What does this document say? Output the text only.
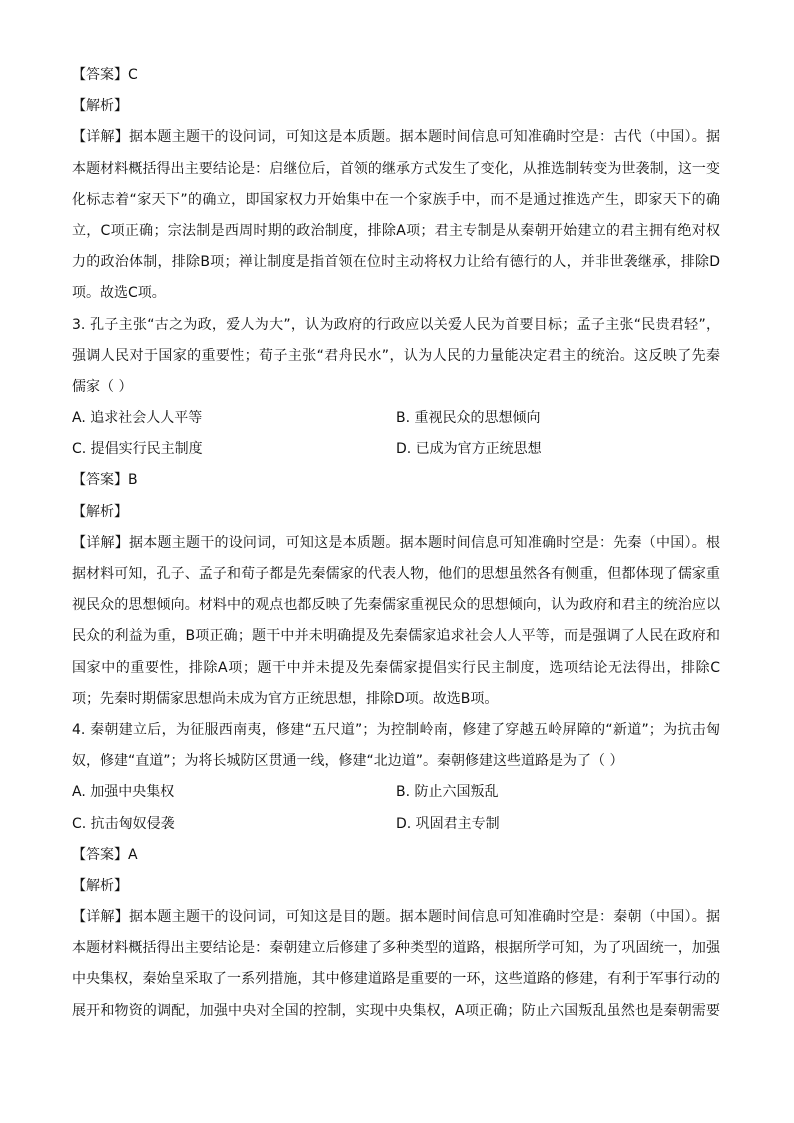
【答案】C
【解析】
【详解】据本题主题干的设问词，可知这是本质题。据本题时间信息可知准确时空是：古代（中国）。据
本题材料概括得出主要结论是：启继位后，首领的继承方式发生了变化，从推选制转变为世袭制，这一变
化标志着“家天下”的确立，即国家权力开始集中在一个家族手中，而不是通过推选产生，即家天下的确
立，C项正确；宗法制是西周时期的政治制度，排除A项；君主专制是从秦朝开始建立的君主拥有绝对权
力的政治体制，排除B项；禅让制度是指首领在位时主动将权力让给有德行的人，并非世袭继承，排除D
项。故选C项。
3. 孔子主张“古之为政，爱人为大”，认为政府的行政应以关爱人民为首要目标；孟子主张“民贵君轻”，
强调人民对于国家的重要性；荀子主张“君舟民水”，认为人民的力量能决定君主的统治。这反映了先秦
儒家（ ）
A. 追求社会人人平等	B. 重视民众的思想倾向
C. 提倡实行民主制度	D. 已成为官方正统思想
【答案】B
【解析】
【详解】据本题主题干的设问词，可知这是本质题。据本题时间信息可知准确时空是：先秦（中国）。根
据材料可知，孔子、孟子和荀子都是先秦儒家的代表人物，他们的思想虽然各有侧重，但都体现了儒家重
视民众的思想倾向。材料中的观点也都反映了先秦儒家重视民众的思想倾向，认为政府和君主的统治应以
民众的利益为重，B项正确；题干中并未明确提及先秦儒家追求社会人人平等，而是强调了人民在政府和
国家中的重要性，排除A项；题干中并未提及先秦儒家提倡实行民主制度，选项结论无法得出，排除C
项；先秦时期儒家思想尚未成为官方正统思想，排除D项。故选B项。
4. 秦朝建立后，为征服西南夷，修建“五尺道”；为控制岭南，修建了穿越五岭屏障的“新道”；为抗击匈
奴，修建“直道”；为将长城防区贯通一线，修建“北边道”。秦朝修建这些道路是为了（ ）
A. 加强中央集权	B. 防止六国叛乱
C. 抗击匈奴侵袭	D. 巩固君主专制
【答案】A
【解析】
【详解】据本题主题干的设问词，可知这是目的题。据本题时间信息可知准确时空是：秦朝（中国）。据
本题材料概括得出主要结论是：秦朝建立后修建了多种类型的道路，根据所学可知，为了巩固统一，加强
中央集权，秦始皇采取了一系列措施，其中修建道路是重要的一环，这些道路的修建，有利于军事行动的
展开和物资的调配，加强中央对全国的控制，实现中央集权，A项正确；防止六国叛乱虽然也是秦朝需要
